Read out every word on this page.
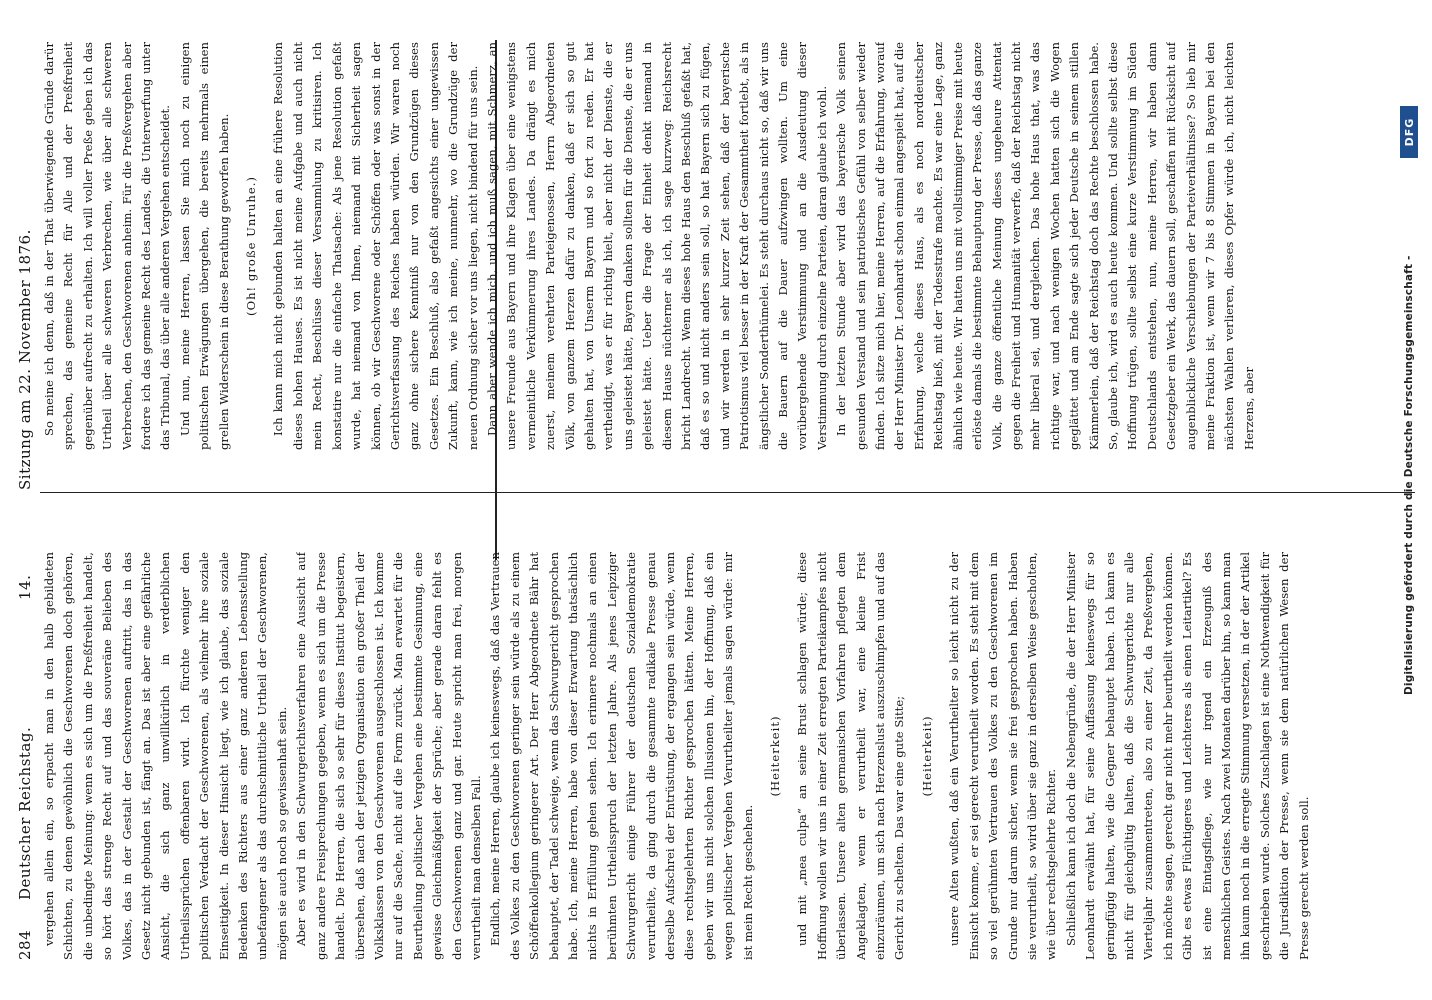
284
Deutscher Reichstag.
14.
Sitzung am 22. November 1876.

vergehen allein ein, so erpacht man in den halb gebildeten Schichten, zu denen gewöhnlich die Geschworenen doch gehören, die unbedingte Meinung: wenn es sich um die Preßfreiheit handelt, so hört das strenge Recht auf und das souveräne Belieben des Volkes, das in der Gestalt der Geschworenen auftritt, das in das Gesetz nicht gebunden ist, fängt an. Das ist aber eine gefährliche Ansicht, die sich ganz unwillkürlich in verderblichen Urtheilssprüchen offenbaren wird. Ich fürchte weniger den politischen Verdacht der Geschworenen, als vielmehr ihre soziale Einseitigkeit. In dieser Hinsicht liegt, wie ich glaube, das soziale Bedenken des Richters aus einer ganz anderen Lebensstellung unbefangener als das durchschnittliche Urtheil der Geschworenen, mögen sie auch noch so gewissenhaft sein. Aber es wird in den Schwurgerichtsverfahren eine Aussicht auf ganz andere Freisprechungen gegeben, wenn es sich um die Presse handelt. Die Herren, die sich so sehr für dieses Institut begeistern, übersehen, daß nach der jetzigen Organisation ein großer Theil der Volksklassen von den Geschworenen ausgeschlossen ist. Ich komme nur auf die Sache, nicht auf die Form zurück. Man erwartet für die Beurtheilung politischer Vergehen eine bestimmte Gesinnung, eine gewisse Gleichmäßigkeit der Sprüche; aber gerade daran fehlt es den Geschworenen ganz und gar. Heute spricht man frei, morgen verurtheilt man denselben Fall. Endlich, meine Herren, glaube ich keineswegs, daß das Vertrauen des Volkes zu den Geschworenen geringer sein würde als zu einem Schöffenkollegium geringerer Art. Der Herr Abgeordnete Bähr hat behauptet, der Tadel schweige, wenn das Schwurgericht gesprochen habe. Ich, meine Herren, habe von dieser Erwartung thatsächlich nichts in Erfüllung gehen sehen. Ich erinnere nochmals an einen berühmten Urtheilsspruch der letzten Jahre. Als jenes Leipziger Schwurgericht einige Führer der deutschen Sozialdemokratie verurtheilte, da ging durch die gesammte radikale Presse genau derselbe Aufschrei der Entrüstung, der ergangen sein würde, wenn diese rechtsgelehrten Richter gesprochen hätten. Meine Herren, geben wir uns nicht solchen Illusionen hin, der Hoffnung, daß ein wegen politischer Vergehen Verurtheilter jemals sagen würde: mir ist mein Recht geschehen.

(Heiterkeit) und mit „mea culpa“ an seine Brust schlagen würde; diese Hoffnung wollen wir uns in einer Zeit erregten Parteikampfes nicht überlassen. Unsere alten germanischen Vorfahren pflegten dem Angeklagten, wenn er verurtheilt war, eine kleine Frist einzuräumen, um sich nach Herzenslust auszuschimpfen und auf das Gericht zu schelten. Das war eine gute Sitte; (Heiterkeit) unsere Alten wußten, daß ein Verurtheilter so leicht nicht zu der Einsicht komme, er sei gerecht verurtheilt worden. Es steht mit dem so viel gerühmten Vertrauen des Volkes zu den Geschworenen im Grunde nur darum sicher, wenn sie frei gesprochen haben. Haben sie verurtheilt, so wird über sie ganz in derselben Weise gescholten, wie über rechtsgelehrte Richter. Schließlich kann ich doch die Nebengründe, die der Herr Minister Leonhardt erwähnt hat, für seine Auffassung keineswegs für so geringfügig halten, wie die Gegner behauptet haben. Ich kann es nicht für gleichgültig halten, daß die Schwurgerichte nur alle Vierteljahr zusammentreten, also zu einer Zeit, da Preßvergehen, ich möchte sagen, gerecht gar nicht mehr beurtheilt werden können. Gibt es etwas Flüchtigeres und Leichteres als einen Leitartikel? Es ist eine Eintagsfliege, wie nur irgend ein Erzeugniß des menschlichen Geistes. Nach zwei Monaten darüber hin, so kann man ihn kaum noch in die erregte Stimmung versetzen, in der der Artikel geschrieben wurde. Solches Zuschlagen ist eine Nothwendigkeit für die Jurisdiktion der Presse, wenn sie dem natürlichen Wesen der Presse gerecht werden soll.

So meine ich denn, daß in der That überwiegende Gründe darür sprechen, das gemeine Recht für Alle und der Preßfreiheit gegenüber aufrecht zu erhalten. Ich will voller Preße geben ich das Urtheil über alle schweren Verbrechen, wie über alle schweren Verbrechen, den Geschworenen anheim. Für die Preßvergehen aber fordere ich das gemeine Recht des Landes, die Unterwerfung unter das Tribunal, das über alle anderen Vergehen entscheidet. Und nun, meine Herren, lassen Sie mich noch zu einigen politischen Erwägungen übergehen, die bereits mehrmals einen grellen Widerschein in diese Berathung geworfen haben. (Oh! große Unruhe.) Ich kann mich nicht gebunden halten an eine frühere Resolution dieses hohen Hauses. Es ist nicht meine Aufgabe und auch nicht mein Recht, Beschlüsse dieser Versammlung zu kritisiren. Ich konstatire nur die einfache Thatsache: Als jene Resolution gefaßt wurde, hat niemand von Ihnen, niemand mit Sicherheit sagen können, ob wir Geschworene oder Schöffen oder was sonst in der Gerichtsverfassung des Reiches haben würden. Wir waren noch ganz ohne sichere Kenntniß nur von den Grundzügen dieses Gesetzes. Ein Beschluß, also gefaßt angesichts einer ungewissen Zukunft, kann, wie ich meine, nunmehr, wo die Grundzüge der neuen Ordnung sicher vor uns liegen, nicht bindend für uns sein. Dann aber wende ich mich, und ich muß sagen, mit Schmerz, an unsere Freunde aus Bayern und ihre Klagen über eine wenigstens vermeintliche Verkümmerung ihres Landes. Da drängt es mich zuerst, meinem verehrten Parteigenossen, Herrn Abgeordneten Völk, von ganzem Herzen dafür zu danken, daß er sich so gut gehalten hat, von Unserm Bayern und so fort zu reden. Er hat vertheidigt, was er für richtig hielt, aber nicht der Dienste, die er uns geleistet hätte, Bayern danken sollten für die Dienste, die er uns geleistet hätte. Ueber die Frage der Einheit denkt niemand in diesem Hause nüchterner als ich, ich sage kurzweg: Reichsrecht bricht Landrecht. Wenn dieses hohe Haus den Beschluß gefaßt hat, daß es so und nicht anders sein soll, so hat Bayern sich zu fügen, und wir werden in sehr kurzer Zeit sehen, daß der bayerische Patriotismus viel besser in der Kraft der Gesammtheit fortlebt, als in ängstlicher Sonderthümelei. Es steht durchaus nicht so, daß wir uns die Bauern auf die Dauer aufzwingen wollten. Um eine vorübergehende Verstimmung und an die Ausdeutung dieser Verstimmung durch einzelne Parteien, daran glaube ich wohl. In der letzten Stunde aber wird das bayerische Volk seinen gesunden Verstand und sein patriotisches Gefühl von selber wieder finden. Ich sitze mich hier, meine Herren, auf die Erfahrung, worauf der Herr Minister Dr. Leonhardt schon einmal angespielt hat, auf die Erfahrung, welche dieses Haus, als es noch norddeutscher Reichstag hieß, mit der Todesstrafe machte. Es war eine Lage, ganz ähnlich wie heute. Wir hatten uns mit vollstimmiger Preise mit heute erlöste damals die bestimmte Behauptung der Presse, daß das ganze Volk, die ganze öffentliche Meinung dieses ungeheure Attentat gegen die Freiheit und Humanität verwerfe, daß der Reichstag nicht mehr liberal sei, und dergleichen. Das hohe Haus that, was das richtige war, und nach wenigen Wochen hatten sich die Wogen geglättet und am Ende sagte sich jeder Deutsche in seinem stillen Kämmerlein, daß der Reichstag doch das Rechte beschlossen habe. So, glaube ich, wird es auch heute kommen. Und sollte selbst diese Hoffnung trügen, sollte selbst eine kurze Verstimmung im Süden Deutschlands entstehen, nun, meine Herren, wir haben dann Gesetzgeber ein Werk, das dauern soll, geschaffen mit Rücksicht auf augenblickliche Verschiebungen der Parteiverhältnisse? So lieb mir meine Fraktion ist, wenn wir 7 bis 8 Stimmen in Bayern bei den nächsten Wahlen verlieren, dieses Opfer würde ich, nicht leichten Herzens, aber	Digitalisierung gefördert durch die Deutsche Forschungsgemeinschaft -
DFG
